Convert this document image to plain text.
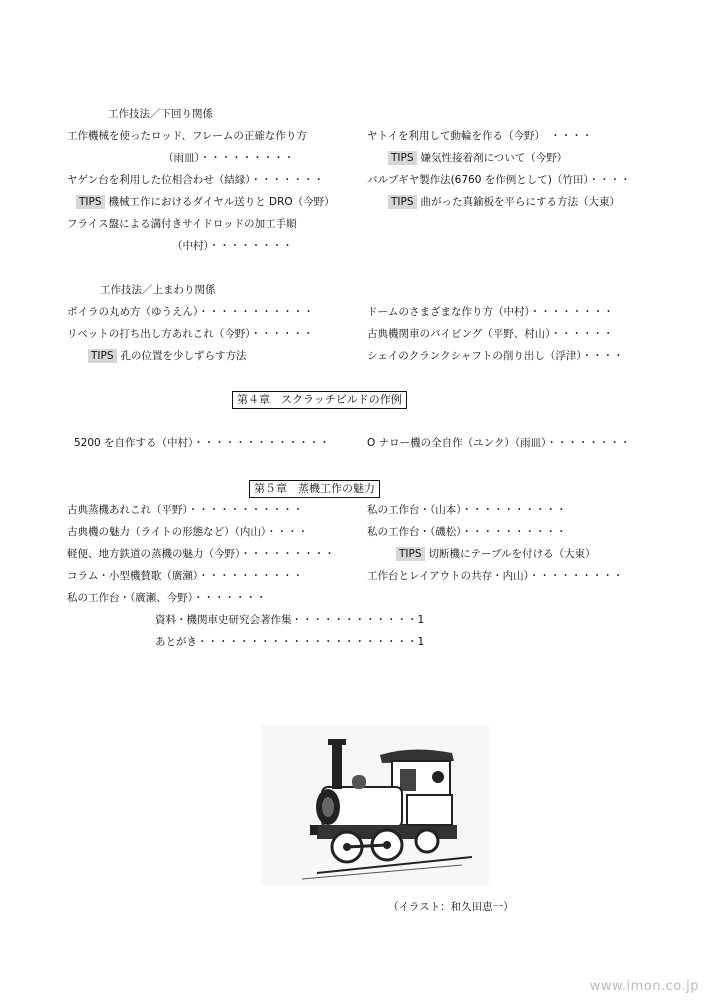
工作技法／下回り関係
工作機械を使ったロッド、フレームの正確な作り方
（雨皿）・・・・・・・・・
ヤゲン台を利用した位相合わせ（結縁）・・・・・・・
TIPS 機械工作におけるダイヤル送りと DRO（今野）
フライス盤による溝付きサイドロッドの加工手順
（中村）・・・・・・・・
ヤトイを利用して動輪を作る（今野）　・・・・
TIPS 嫌気性接着剤について（今野）
バルブギヤ製作法(6760 を作例として)（竹田）・・・・
TIPS 曲がった真鍮板を平らにする方法（大東）
工作技法／上まわり関係
ボイラの丸め方（ゆうえん）・・・・・・・・・・・
リベットの打ち出し方あれこれ（今野）・・・・・・
TIPS 孔の位置を少しずらす方法
ドームのさまざまな作り方（中村）・・・・・・・・
古典機関車のパイピング（平野、村山）・・・・・・
シェイのクランクシャフトの削り出し（浮津）・・・・
第４章　スクラッチビルドの作例
5200 を自作する（中村）・・・・・・・・・・・・・	O ナロー機の全自作（ユンク）（雨皿）・・・・・・・・
第５章　蒸機工作の魅力
古典蒸機あれこれ（平野）・・・・・・・・・・・
古典機の魅力（ライトの形態など）（内山）・・・・
軽便、地方鉄道の蒸機の魅力（今野）・・・・・・・・・
コラム・小型機賛歌（廣瀬）・・・・・・・・・・
私の工作台・（廣瀬、今野）・・・・・・・
私の工作台・（山本）・・・・・・・・・・
私の工作台・（磯松）・・・・・・・・・・
TIPS 切断機にテーブルを付ける（大東）
工作台とレイアウトの共存・内山）・・・・・・・・・
資料・機関車史研究会著作集・・・・・・・・・・・・1
あとがき・・・・・・・・・・・・・・・・・・・・・1
（イラスト：和久田恵一）
www.imon.co.jp
